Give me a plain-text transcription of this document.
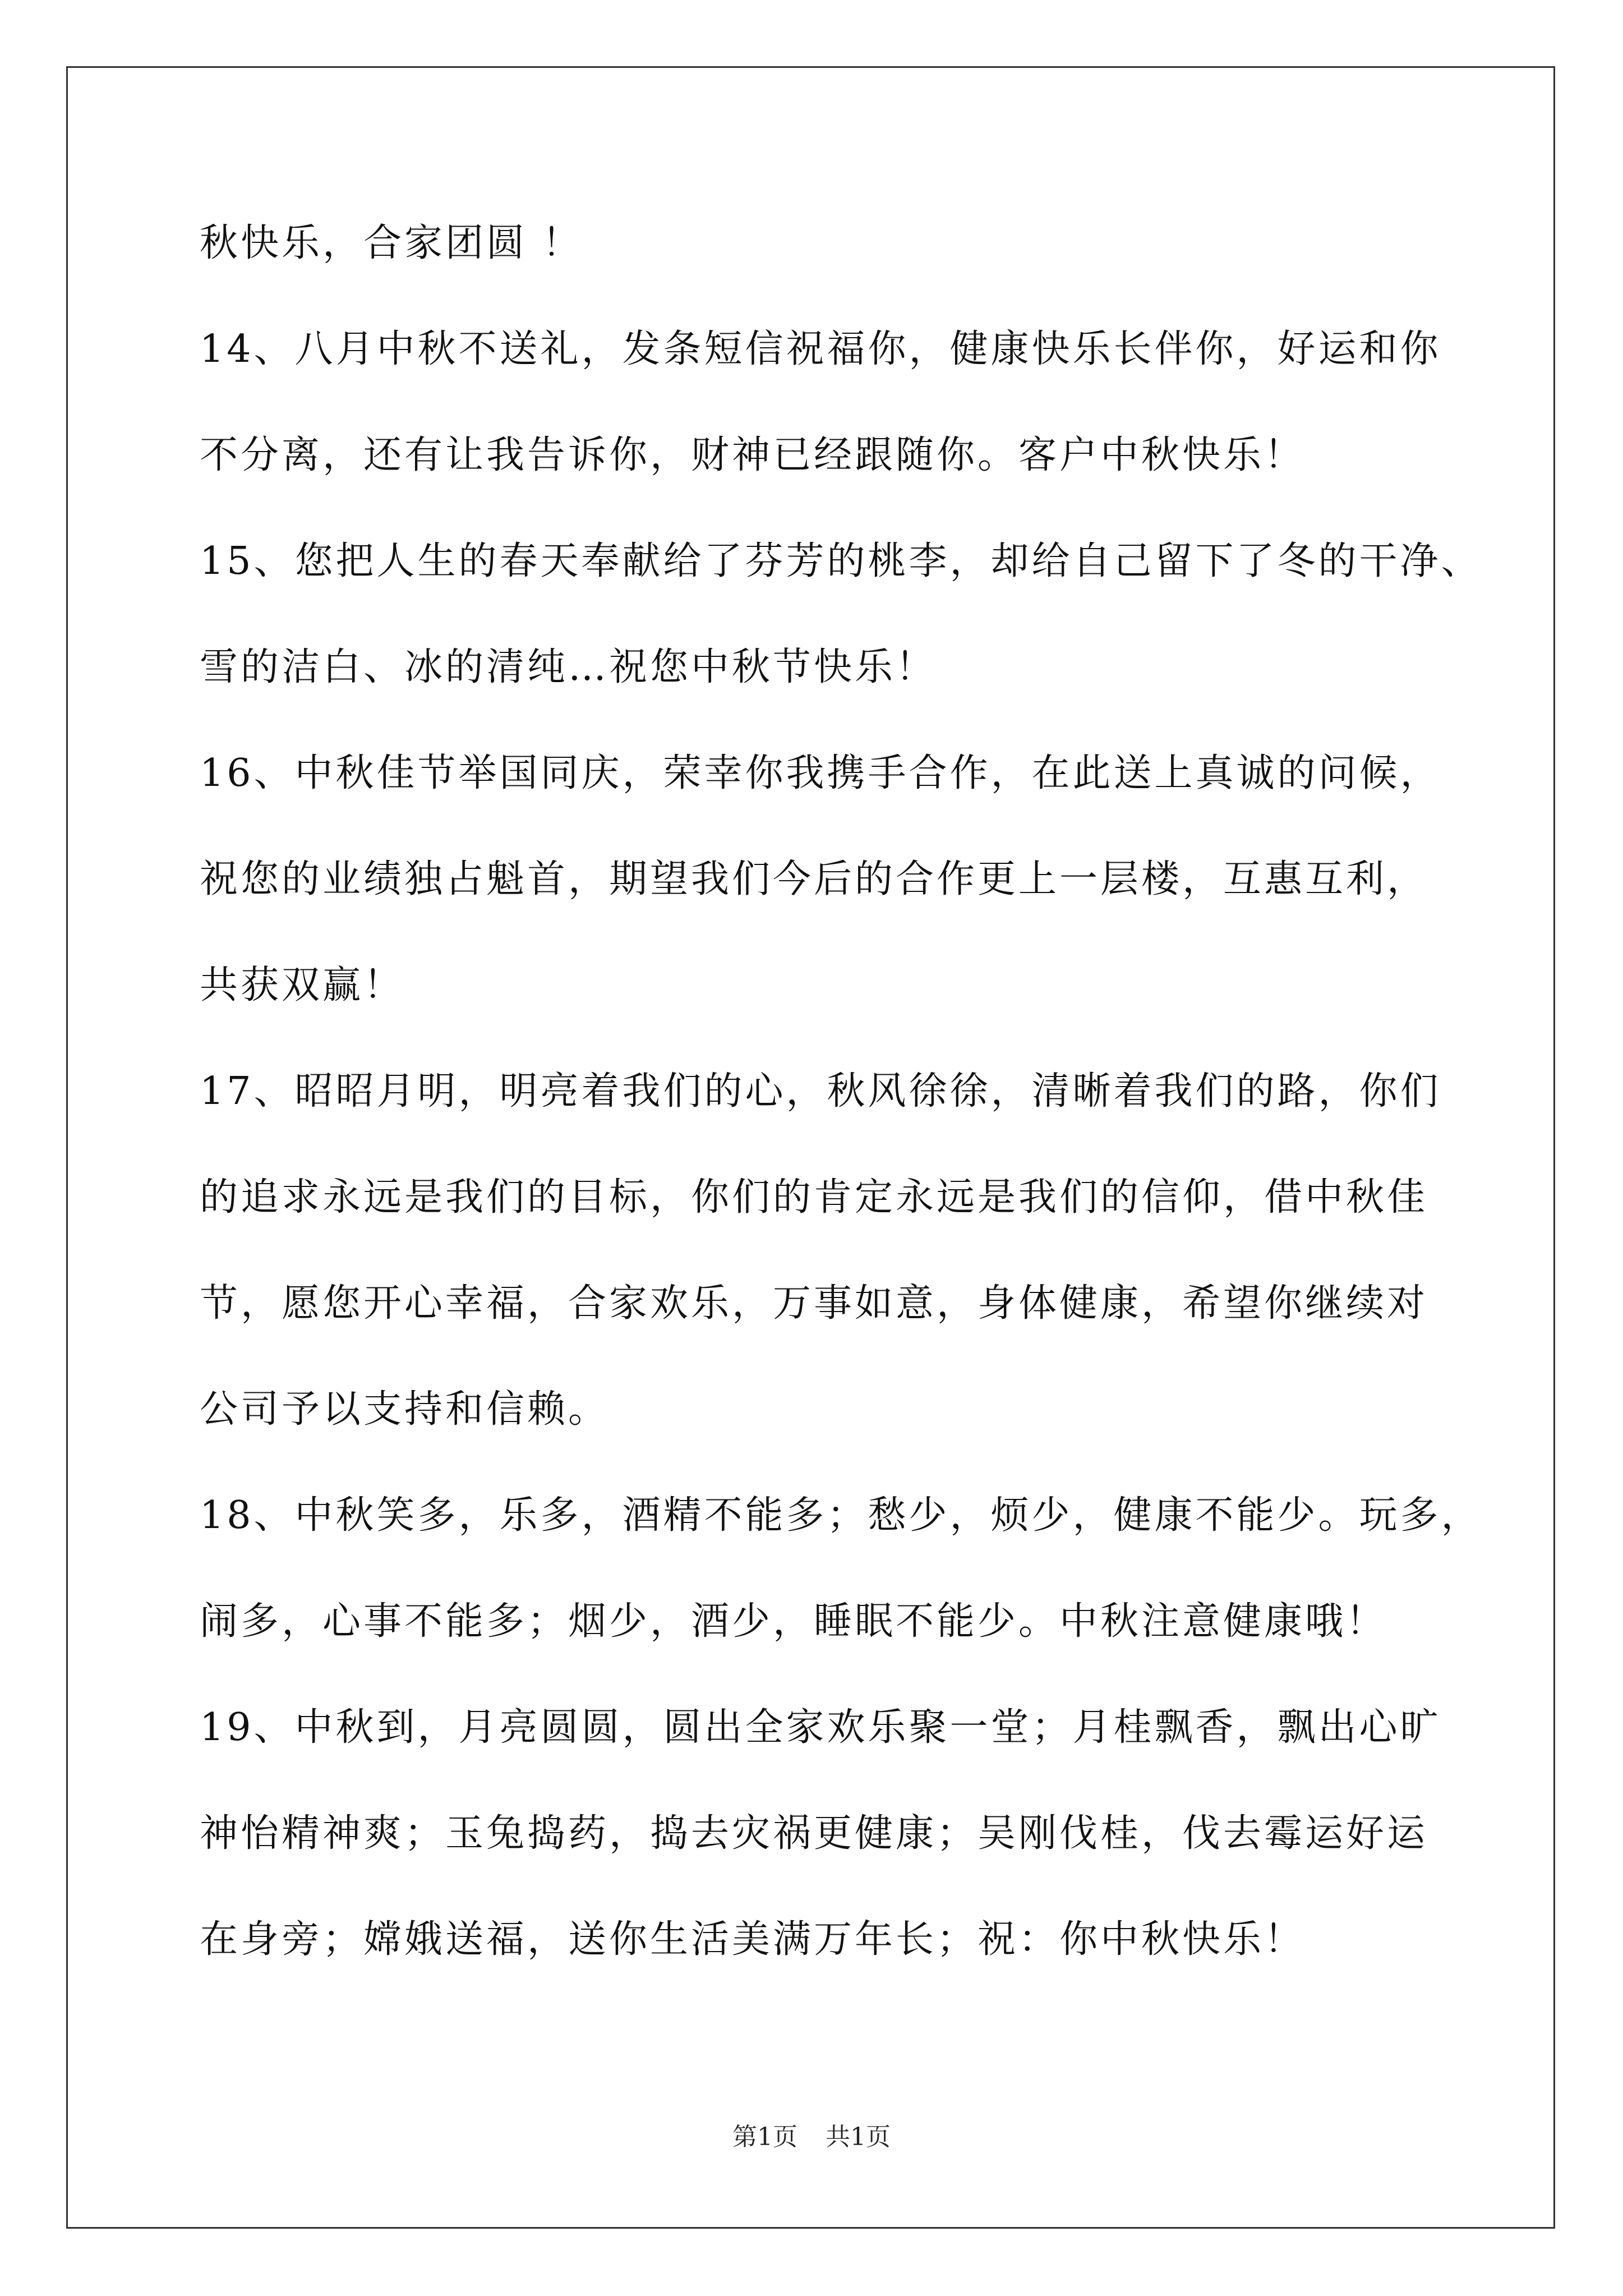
秋快乐，合家团圆 ！
14、八月中秋不送礼，发条短信祝福你，健康快乐长伴你，好运和你
不分离，还有让我告诉你，财神已经跟随你。客户中秋快乐！
15、您把人生的春天奉献给了芬芳的桃李，却给自己留下了冬的干净、
雪的洁白、冰的清纯…祝您中秋节快乐！
16、中秋佳节举国同庆，荣幸你我携手合作，在此送上真诚的问候，
祝您的业绩独占魁首，期望我们今后的合作更上一层楼，互惠互利，
共获双赢！
17、昭昭月明，明亮着我们的心，秋风徐徐，清晰着我们的路，你们
的追求永远是我们的目标，你们的肯定永远是我们的信仰，借中秋佳
节，愿您开心幸福，合家欢乐，万事如意，身体健康，希望你继续对
公司予以支持和信赖。
18、中秋笑多，乐多，酒精不能多；愁少，烦少，健康不能少。玩多，
闹多，心事不能多；烟少，酒少，睡眠不能少。中秋注意健康哦！
19、中秋到，月亮圆圆，圆出全家欢乐聚一堂；月桂飘香，飘出心旷
神怡精神爽；玉兔捣药，捣去灾祸更健康；吴刚伐桂，伐去霉运好运
在身旁；嫦娥送福，送你生活美满万年长；祝：你中秋快乐！
第1页 共1页
